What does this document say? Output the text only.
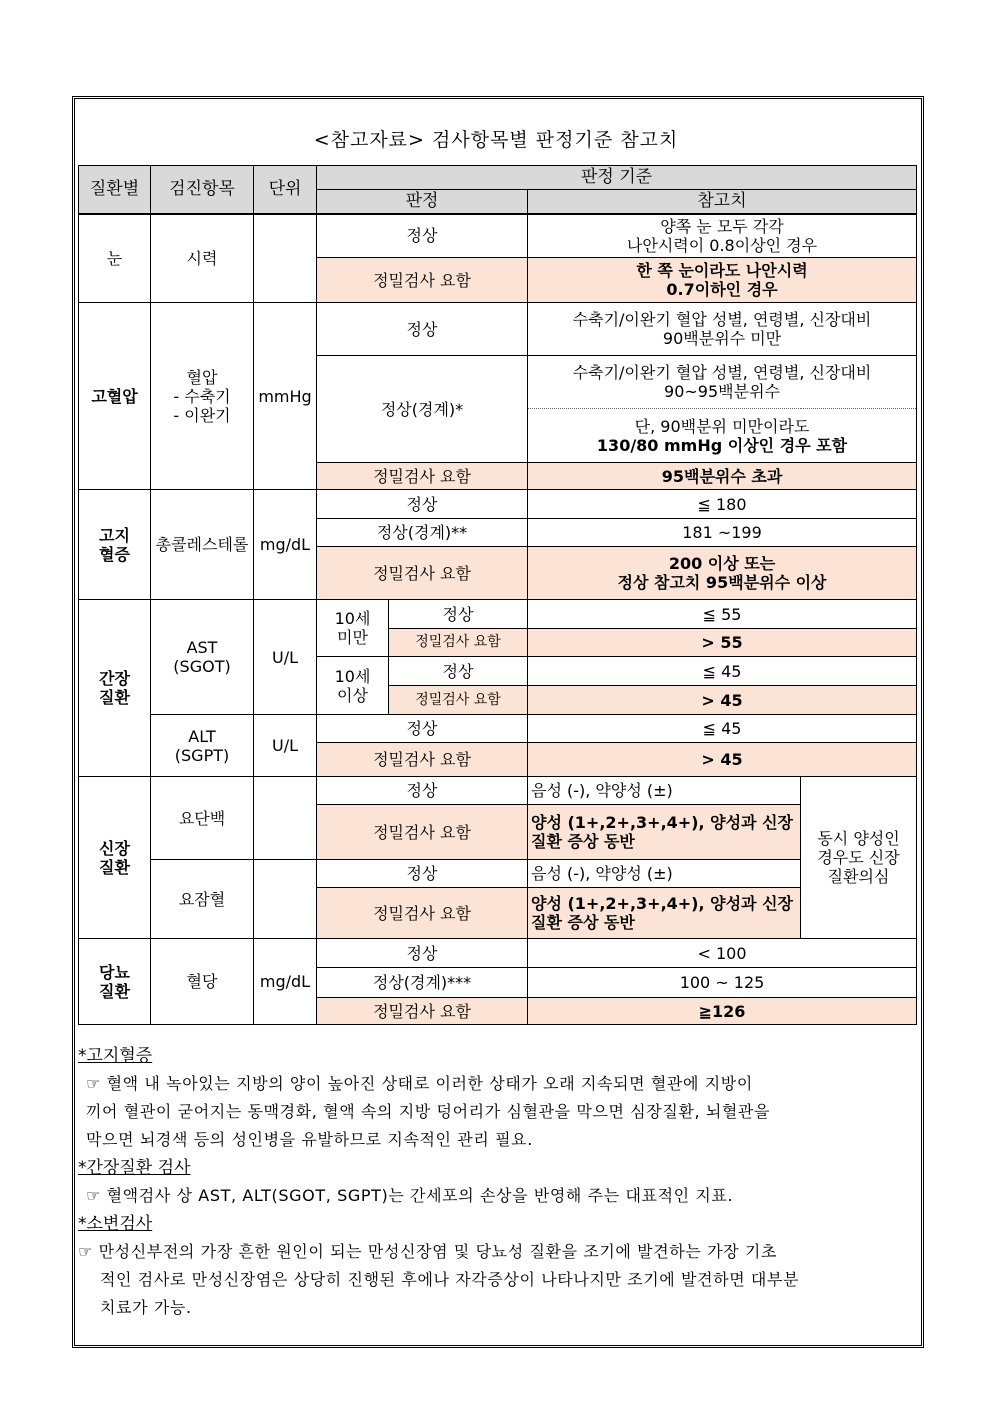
<참고자료> 검사항목별 판정기준 참고치
질환별	검진항목	단위	판정 기준			
			판정		참고치	
눈	시력		정상		양쪽 눈 모두 각각
나안시력이 0.8이상인 경우	

			정밀검사 요함		한 쪽 눈이라도 나안시력
0.7이하인 경우	

고혈압	혈압
- 수축기
- 이완기	mmHg	정상		수축기/이완기 혈압 성별, 연령별, 신장대비
90백분위수 미만	

			정상(경계)*		수축기/이완기 혈압 성별, 연령별, 신장대비
90~95백분위수	

					단, 90백분위 미만이라도
130/80 mmHg 이상인 경우 포함	

			정밀검사 요함		95백분위수 초과	

고지
혈증	총콜레스테롤	mg/dL	정상		≦ 180	
			정상(경계)**		181 ~199	
			정밀검사 요함		200 이상 또는
정상 참고치 95백분위수 이상	

간장
질환	AST
(SGOT)	U/L	10세
미만	정상	≦ 55	
				정밀검사 요함	> 55	

			10세
이상	정상	≦ 45	
				정밀검사 요함	> 45	

	ALT
(SGPT)	U/L	정상		≦ 45	
			정밀검사 요함		> 45	

신장
질환	요단백		정상		음성 (-), 약양성 (±)	동시 양성인
경우도 신장
질환의심

			정밀검사 요함		양성 (1+,2+,3+,4+), 양성과 신장
질환 증상 동반	

	요잠혈		정상		음성 (-), 약양성 (±)	
			정밀검사 요함		양성 (1+,2+,3+,4+), 양성과 신장
질환 증상 동반	

당뇨
질환	혈당	mg/dL	정상		< 100	
			정상(경계)***		100 ~ 125	
			정밀검사 요함		≧126	
*고지혈증
☞ 혈액 내 녹아있는 지방의 양이 높아진 상태로 이러한 상태가 오래 지속되면 혈관에 지방이
끼어 혈관이 굳어지는 동맥경화, 혈액 속의 지방 덩어리가 심혈관을 막으면 심장질환, 뇌혈관을
막으면 뇌경색 등의 성인병을 유발하므로 지속적인 관리 필요.
*간장질환 검사
☞ 혈액검사 상 AST, ALT(SGOT, SGPT)는 간세포의 손상을 반영해 주는 대표적인 지표.
*소변검사
☞ 만성신부전의 가장 흔한 원인이 되는 만성신장염 및 당뇨성 질환을 조기에 발견하는 가장 기초
적인 검사로 만성신장염은 상당히 진행된 후에나 자각증상이 나타나지만 조기에 발견하면 대부분
치료가 가능.
